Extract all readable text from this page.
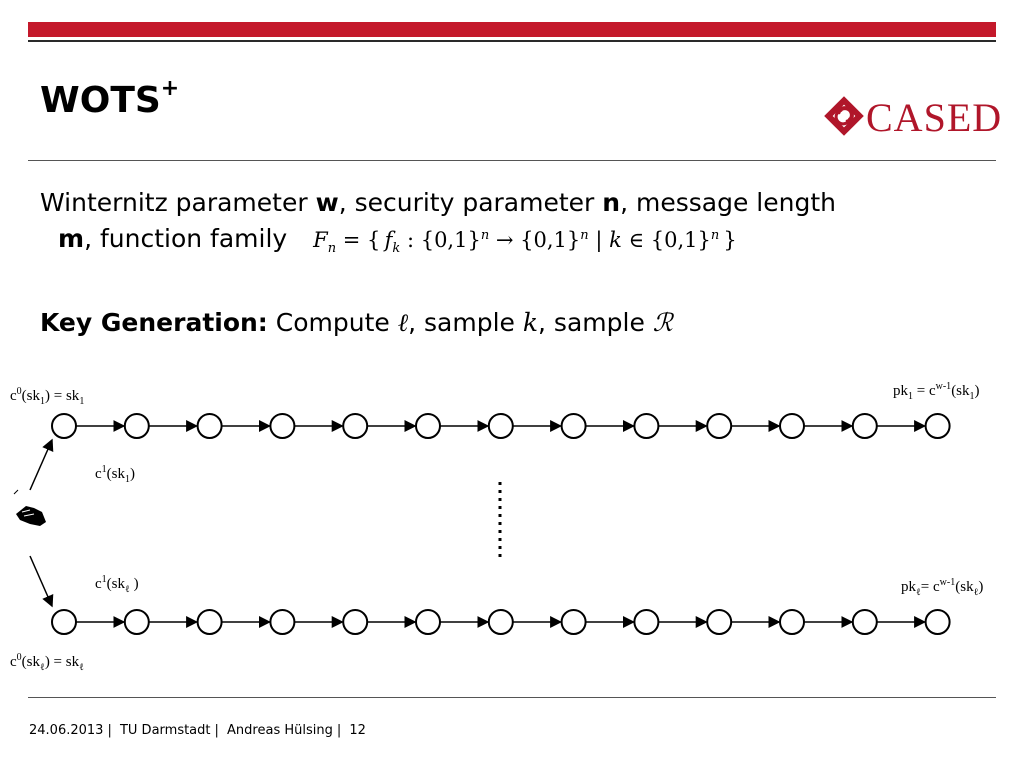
WOTS+
CASED
Winternitz parameter w, security parameter n, message length
m, function family $F_n$ = { $f_k$ : $\{0,1\}^n \to \{0,1\}^n$ | k ∈ $\{0,1\}^n$ }
Key Generation: Compute ℓ, sample k, sample ℛ
$c^0(sk_1) = sk_1$
$pk_1 = c^{w-1}(sk_1)$
$c^1(sk_1)$
$c^1(sk_\ell$ )	$pk_\ell= c^{w-1}(sk_\ell)$
$c^0(sk_\ell) = sk_\ell$
24.06.2013 | TU Darmstadt | Andreas Hülsing | 12
